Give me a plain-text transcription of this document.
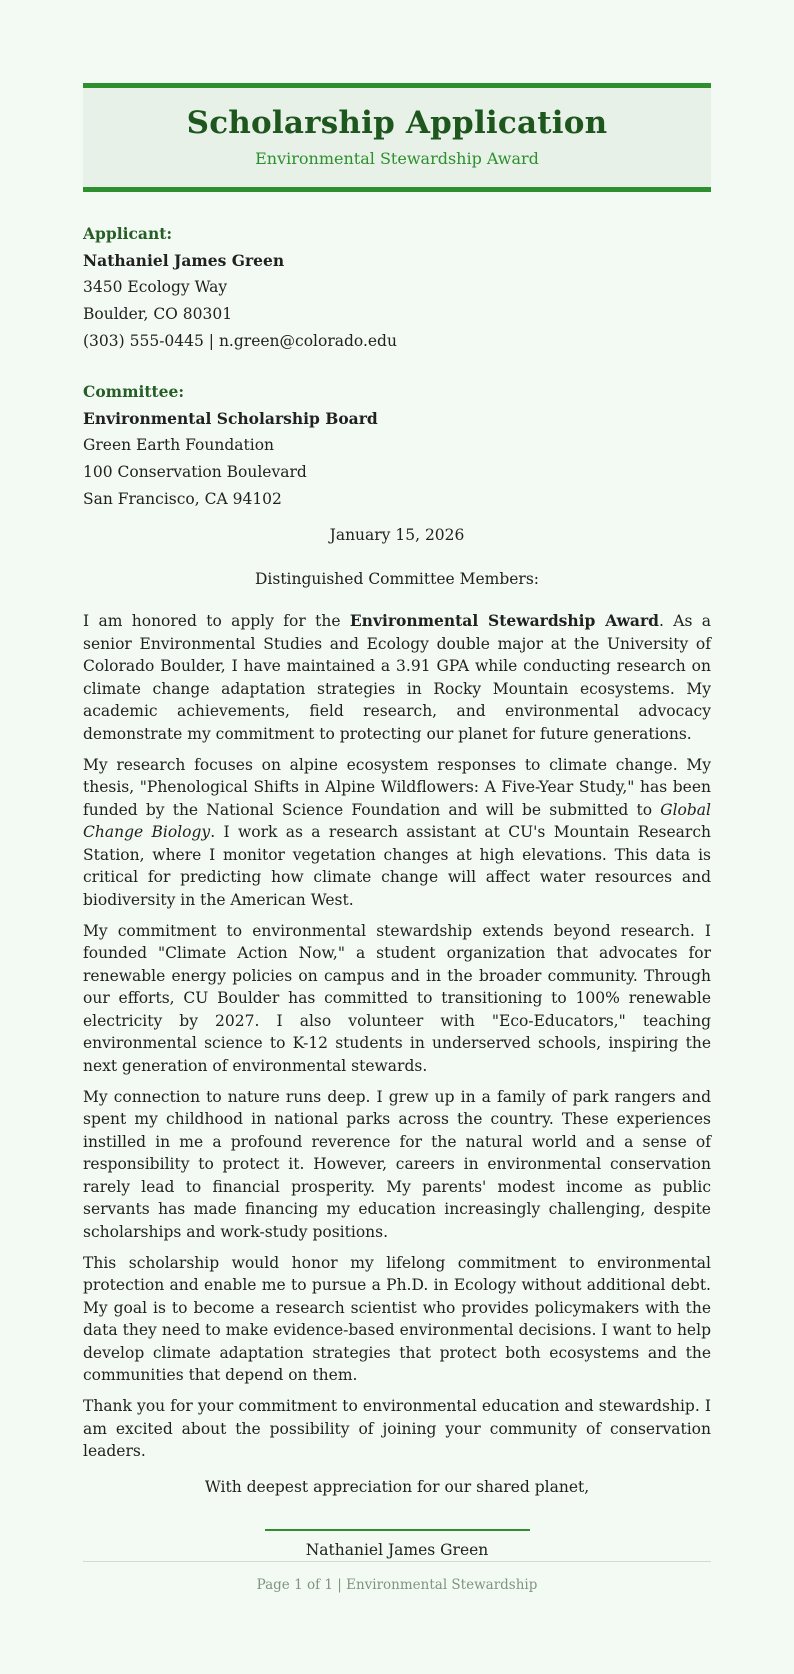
Scholarship Application
Environmental Stewardship Award
Applicant:
Nathaniel James Green
3450 Ecology Way
Boulder, CO 80301
(303) 555-0445 | n.green@colorado.edu
Committee:
Environmental Scholarship Board
Green Earth Foundation
100 Conservation Boulevard
San Francisco, CA 94102
January 15, 2026
Distinguished Committee Members:

I am honored to apply for the Environmental Stewardship Award. As a senior Environmental Studies and Ecology double major at the University of Colorado Boulder, I have maintained a 3.91 GPA while conducting research on climate change adaptation strategies in Rocky Mountain ecosystems. My academic achievements, field research, and environmental advocacy demonstrate my commitment to protecting our planet for future generations.

My research focuses on alpine ecosystem responses to climate change. My thesis, "Phenological Shifts in Alpine Wildflowers: A Five-Year Study," has been funded by the National Science Foundation and will be submitted to Global Change Biology. I work as a research assistant at CU's Mountain Research Station, where I monitor vegetation changes at high elevations. This data is critical for predicting how climate change will affect water resources and biodiversity in the American West.

My commitment to environmental stewardship extends beyond research. I founded "Climate Action Now," a student organization that advocates for renewable energy policies on campus and in the broader community. Through our efforts, CU Boulder has committed to transitioning to 100% renewable electricity by 2027. I also volunteer with "Eco-Educators," teaching environmental science to K-12 students in underserved schools, inspiring the next generation of environmental stewards.

My connection to nature runs deep. I grew up in a family of park rangers and spent my childhood in national parks across the country. These experiences instilled in me a profound reverence for the natural world and a sense of responsibility to protect it. However, careers in environmental conservation rarely lead to financial prosperity. My parents' modest income as public servants has made financing my education increasingly challenging, despite scholarships and work-study positions.

This scholarship would honor my lifelong commitment to environmental protection and enable me to pursue a Ph.D. in Ecology without additional debt. My goal is to become a research scientist who provides policymakers with the data they need to make evidence-based environmental decisions. I want to help develop climate adaptation strategies that protect both ecosystems and the communities that depend on them.

Thank you for your commitment to environmental education and stewardship. I am excited about the possibility of joining your community of conservation leaders.

With deepest appreciation for our shared planet,
Nathaniel James Green
Page 1 of 1 | Environmental Stewardship
